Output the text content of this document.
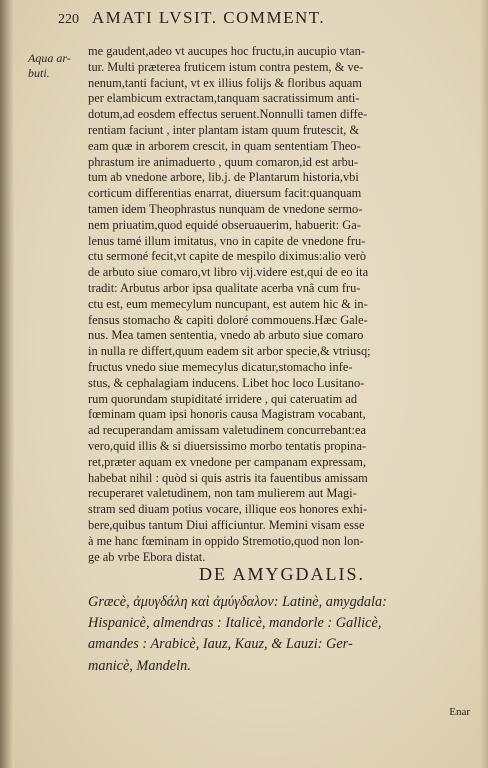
220 AMATI LVSIT. COMMENT.
Aqua ar-
buti.
me gaudent,adeo vt aucupes hoc fructu,in aucupio vtan-
tur. Multi præterea fruticem istum contra pestem, & ve-
nenum,tanti faciunt, vt ex illius folijs & floribus aquam
per elambicum extractam,tanquam sacratissimum anti-
dotum,ad eosdem effectus seruent.Nonnulli tamen diffe-
rentiam faciunt , inter plantam istam quum frutescit, &
eam quæ in arborem crescit, in quam sententiam Theo-
phrastum ire animaduerto , quum comaron,id est arbu-
tum ab vnedone arbore, lib.j. de Plantarum historia,vbi
corticum differentias enarrat, diuersum facit:quanquam
tamen idem Theophrastus nunquam de vnedone sermo-
nem priuatim,quod equidé obseruauerim, habuerit: Ga-
lenus tamé illum imitatus, vno in capite de vnedone fru-
ctu sermoné fecit,vt capite de mespilo diximus:alio verò
de arbuto siue comaro,vt libro vij.videre est,qui de eo ita
tradit: Arbutus arbor ipsa qualitate acerba vnâ cum fru-
ctu est, eum memecylum nuncupant, est autem hic & in-
fensus stomacho & capiti doloré commouens.Hæc Gale-
nus. Mea tamen sententia, vnedo ab arbuto siue comaro
in nulla re differt,quum eadem sit arbor specie,& vtriusq;
fructus vnedo siue memecylus dicatur,stomacho infe-
stus, & cephalagiam inducens. Libet hoc loco Lusitano-
rum quorundam stupiditaté irridere , qui cateruatim ad
fœminam quam ipsi honoris causa Magistram vocabant,
ad recuperandam amissam valetudinem concurrebant:ea
vero,quid illis & si diuersissimo morbo tentatis propina-
ret,præter aquam ex vnedone per campanam expressam,
habebat nihil : quòd si quis astris ita fauentibus amissam
recuperaret valetudinem, non tam mulierem aut Magi-
stram sed diuam potius vocare, illique eos honores exhi-
bere,quibus tantum Diui afficiuntur. Memini visam esse
à me hanc fœminam in oppido Stremotio,quod non lon-
ge ab vrbe Ebora distat.
DE AMYGDALIS.
Græcè, ἀμυγδάλη καὶ ἀμύγδαλον: Latinè, amygdala:
Hispanicè, almendras : Italicè, mandorle : Gallicè,
amandes : Arabicè, Iauz, Kauz, & Lauzi: Ger-
manicè, Mandeln.
Enar
